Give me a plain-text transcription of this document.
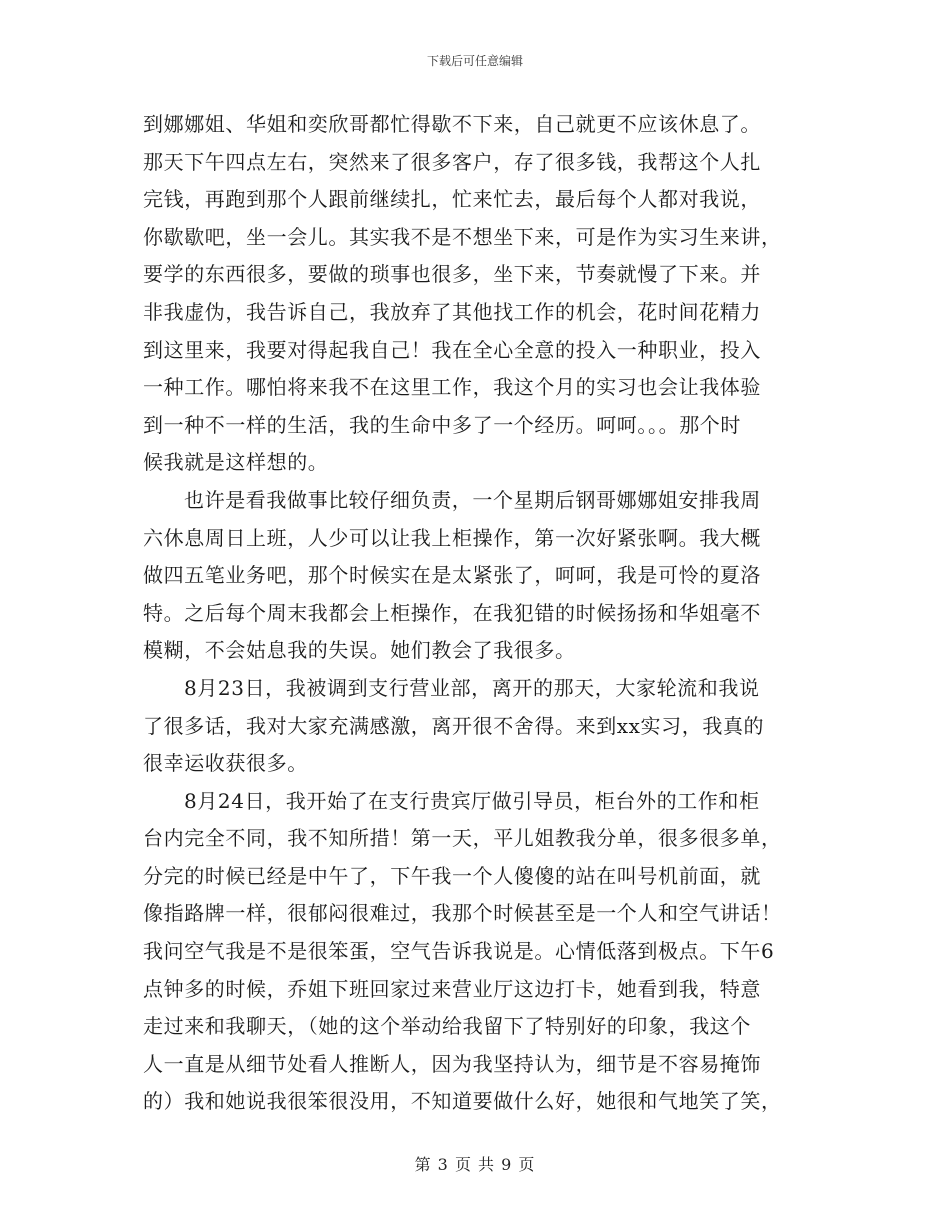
下载后可任意编辑
到娜娜姐、华姐和奕欣哥都忙得歇不下来，自己就更不应该休息了。
那天下午四点左右，突然来了很多客户，存了很多钱，我帮这个人扎
完钱，再跑到那个人跟前继续扎，忙来忙去，最后每个人都对我说，
你歇歇吧，坐一会儿。其实我不是不想坐下来，可是作为实习生来讲，
要学的东西很多，要做的琐事也很多，坐下来，节奏就慢了下来。并
非我虚伪，我告诉自己，我放弃了其他找工作的机会，花时间花精力
到这里来，我要对得起我自己！我在全心全意的投入一种职业，投入
一种工作。哪怕将来我不在这里工作，我这个月的实习也会让我体验
到一种不一样的生活，我的生命中多了一个经历。呵呵。。。那个时
候我就是这样想的。
也许是看我做事比较仔细负责，一个星期后钢哥娜娜姐安排我周
六休息周日上班，人少可以让我上柜操作，第一次好紧张啊。我大概
做四五笔业务吧，那个时候实在是太紧张了，呵呵，我是可怜的夏洛
特。之后每个周末我都会上柜操作，在我犯错的时候扬扬和华姐毫不
模糊，不会姑息我的失误。她们教会了我很多。
8月23日，我被调到支行营业部，离开的那天，大家轮流和我说
了很多话，我对大家充满感激，离开很不舍得。来到xx实习，我真的
很幸运收获很多。
8月24日，我开始了在支行贵宾厅做引导员，柜台外的工作和柜
台内完全不同，我不知所措！第一天，平儿姐教我分单，很多很多单，
分完的时候已经是中午了，下午我一个人傻傻的站在叫号机前面，就
像指路牌一样，很郁闷很难过，我那个时候甚至是一个人和空气讲话！
我问空气我是不是很笨蛋，空气告诉我说是。心情低落到极点。下午6
点钟多的时候，乔姐下班回家过来营业厅这边打卡，她看到我，特意
走过来和我聊天，（她的这个举动给我留下了特别好的印象，我这个
人一直是从细节处看人推断人，因为我坚持认为，细节是不容易掩饰
的）我和她说我很笨很没用，不知道要做什么好，她很和气地笑了笑，
第 3 页 共 9 页
